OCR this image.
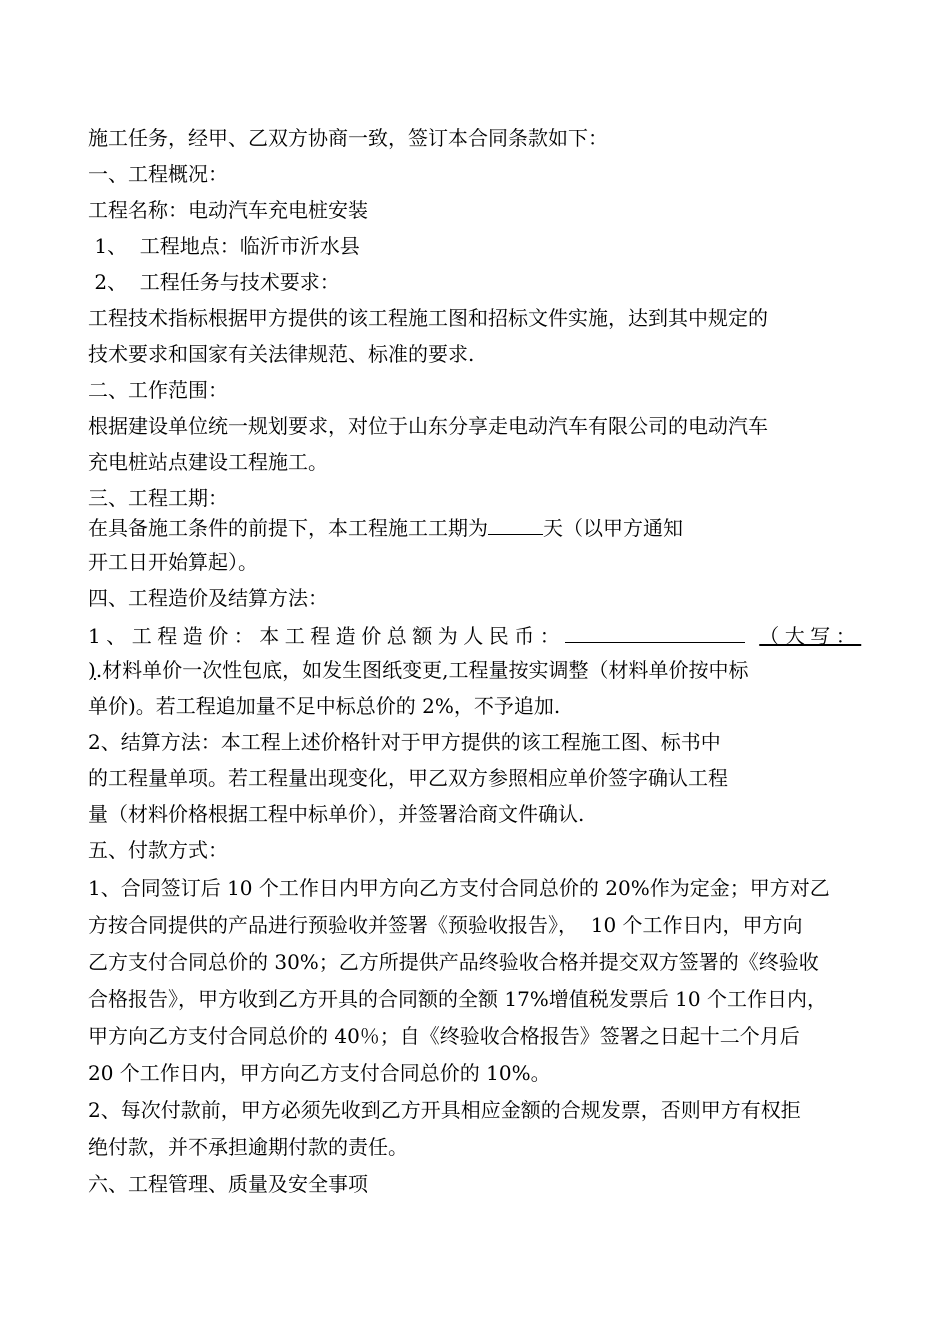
施工任务，经甲、乙双方协商一致，签订本合同条款如下：
一、工程概况：
工程名称：电动汽车充电桩安装
1、  工程地点：临沂市沂水县
2、  工程任务与技术要求：
工程技术指标根据甲方提供的该工程施工图和招标文件实施，达到其中规定的
技术要求和国家有关法律规范、标准的要求.
二、工作范围：
根据建设单位统一规划要求，对位于山东分享走电动汽车有限公司的电动汽车
充电桩站点建设工程施工。
三、工程工期：
在具备施工条件的前提下，本工程施工工期为	天（以甲方通知
开工日开始算起）。
四、工程造价及结算方法：
1、工程造价：本工程造价总额为人民币：	（大写：
).材料单价一次性包底，如发生图纸变更,工程量按实调整（材料单价按中标
单价)。若工程追加量不足中标总价的 2%，不予追加.
2、结算方法：本工程上述价格针对于甲方提供的该工程施工图、标书中
的工程量单项。若工程量出现变化，甲乙双方参照相应单价签字确认工程
量（材料价格根据工程中标单价），并签署洽商文件确认.
五、付款方式：
1、合同签订后 10 个工作日内甲方向乙方支付合同总价的 20%作为定金；甲方对乙
方按合同提供的产品进行预验收并签署《预验收报告》，  10 个工作日内，甲方向
乙方支付合同总价的 30%；乙方所提供产品终验收合格并提交双方签署的《终验收
合格报告》，甲方收到乙方开具的合同额的全额 17%增值税发票后 10 个工作日内，
甲方向乙方支付合同总价的 40％；自《终验收合格报告》签署之日起十二个月后
20 个工作日内，甲方向乙方支付合同总价的 10%。
2、每次付款前，甲方必须先收到乙方开具相应金额的合规发票，否则甲方有权拒
绝付款，并不承担逾期付款的责任。
六、工程管理、质量及安全事项
